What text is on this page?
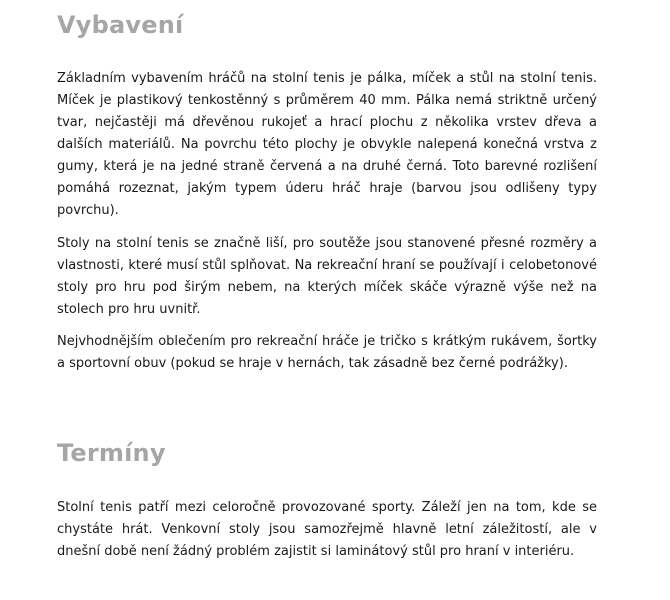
Vybavení

Základním vybavením hráčů na stolní tenis je pálka, míček a stůl na stolní tenis. Míček je plastikový tenkostěnný s průměrem 40 mm. Pálka nemá striktně určený tvar, nejčastěji má dřevěnou rukojeť a hrací plochu z několika vrstev dřeva a dalších materiálů. Na povrchu této plochy je obvykle nalepená konečná vrstva z gumy, která je na jedné straně červená a na druhé černá. Toto barevné rozlišení pomáhá rozeznat, jakým typem úderu hráč hraje (barvou jsou odlišeny typy povrchu).

Stoly na stolní tenis se značně liší, pro soutěže jsou stanovené přesné rozměry a vlastnosti, které musí stůl splňovat. Na rekreační hraní se používají i celobetonové stoly pro hru pod širým nebem, na kterých míček skáče výrazně výše než na stolech pro hru uvnitř.

Nejvhodnějším oblečením pro rekreační hráče je tričko s krátkým rukávem, šortky a sportovní obuv (pokud se hraje v hernách, tak zásadně bez černé podrážky).

Termíny

Stolní tenis patří mezi celoročně provozované sporty. Záleží jen na tom, kde se chystáte hrát. Venkovní stoly jsou samozřejmě hlavně letní záležitostí, ale v dnešní době není žádný problém zajistit si laminátový stůl pro hraní v interiéru.
